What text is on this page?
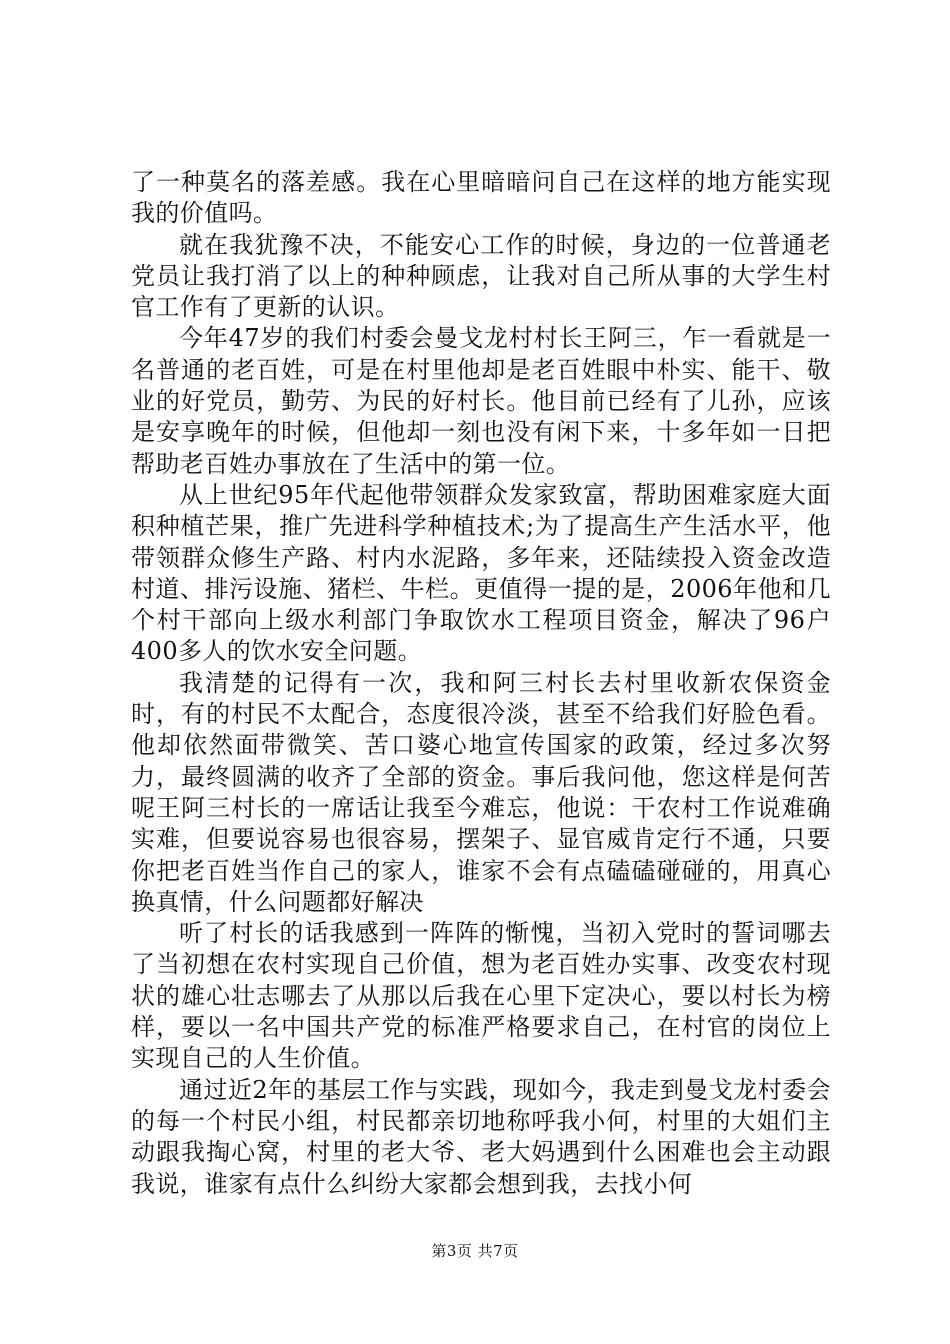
了一种莫名的落差感。我在心里暗暗问自己在这样的地方能实现我的价值吗。

就在我犹豫不决，不能安心工作的时候，身边的一位普通老党员让我打消了以上的种种顾虑，让我对自己所从事的大学生村官工作有了更新的认识。

今年47岁的我们村委会曼戈龙村村长王阿三，乍一看就是一名普通的老百姓，可是在村里他却是老百姓眼中朴实、能干、敬业的好党员，勤劳、为民的好村长。他目前已经有了儿孙，应该是安享晚年的时候，但他却一刻也没有闲下来，十多年如一日把帮助老百姓办事放在了生活中的第一位。

从上世纪95年代起他带领群众发家致富，帮助困难家庭大面积种植芒果，推广先进科学种植技术;为了提高生产生活水平，他带领群众修生产路、村内水泥路，多年来，还陆续投入资金改造村道、排污设施、猪栏、牛栏。更值得一提的是，2006年他和几个村干部向上级水利部门争取饮水工程项目资金，解决了96户400多人的饮水安全问题。

我清楚的记得有一次，我和阿三村长去村里收新农保资金时，有的村民不太配合，态度很冷淡，甚至不给我们好脸色看。他却依然面带微笑、苦口婆心地宣传国家的政策，经过多次努力，最终圆满的收齐了全部的资金。事后我问他，您这样是何苦呢王阿三村长的一席话让我至今难忘，他说：干农村工作说难确实难，但要说容易也很容易，摆架子、显官威肯定行不通，只要你把老百姓当作自己的家人，谁家不会有点磕磕碰碰的，用真心换真情，什么问题都好解决

听了村长的话我感到一阵阵的惭愧，当初入党时的誓词哪去了当初想在农村实现自己价值，想为老百姓办实事、改变农村现状的雄心壮志哪去了从那以后我在心里下定决心，要以村长为榜样，要以一名中国共产党的标准严格要求自己，在村官的岗位上实现自己的人生价值。

通过近2年的基层工作与实践，现如今，我走到曼戈龙村委会的每一个村民小组，村民都亲切地称呼我小何，村里的大姐们主动跟我掏心窝，村里的老大爷、老大妈遇到什么困难也会主动跟我说，谁家有点什么纠纷大家都会想到我，去找小何

第3页 共7页
